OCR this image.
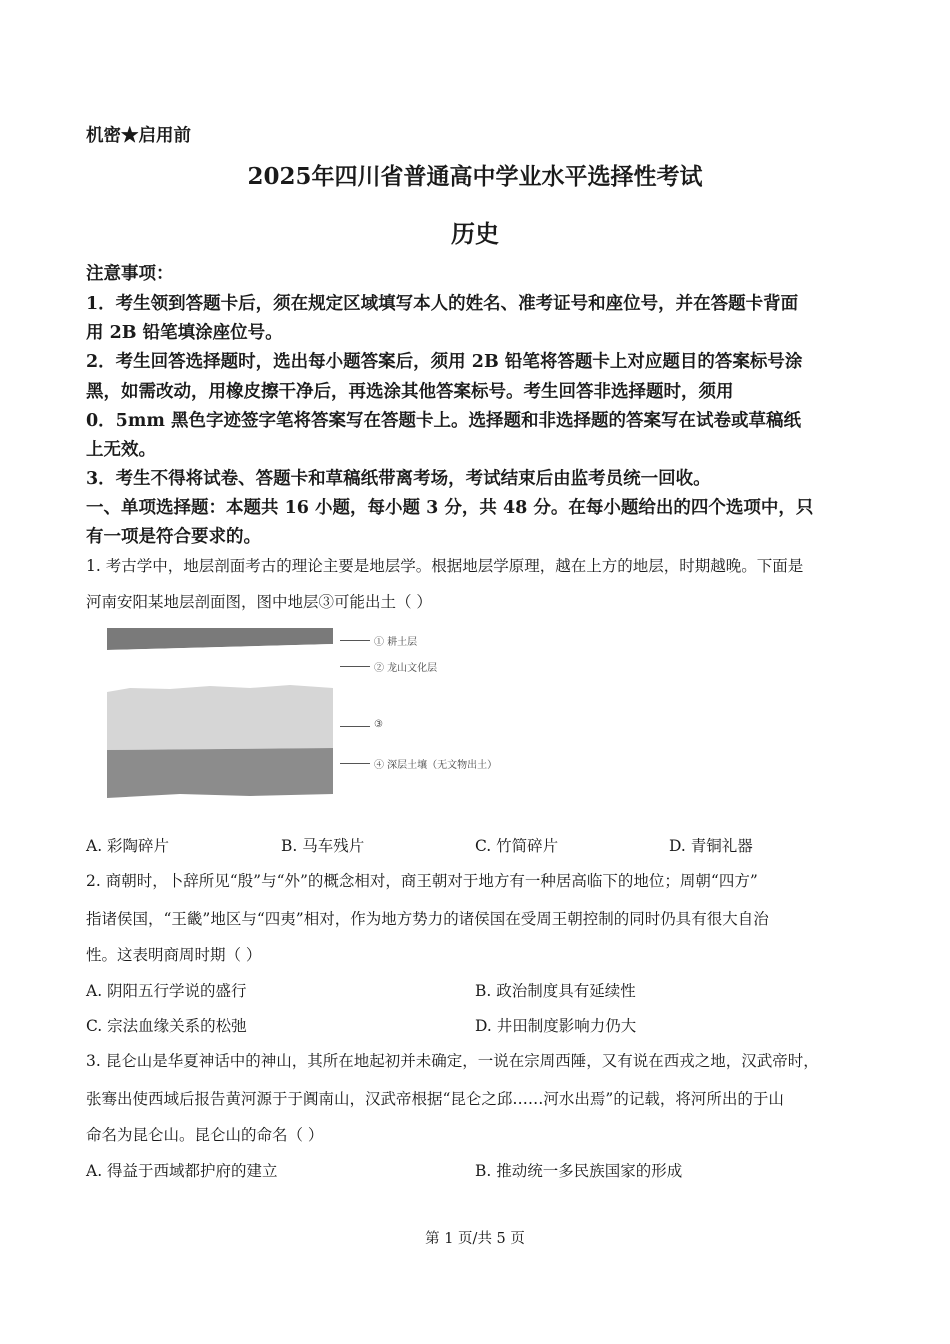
机密★启用前
2025年四川省普通高中学业水平选择性考试
历史
注意事项：
1．考生领到答题卡后，须在规定区域填写本人的姓名、准考证号和座位号，并在答题卡背面
用 2B 铅笔填涂座位号。
2．考生回答选择题时，选出每小题答案后，须用 2B 铅笔将答题卡上对应题目的答案标号涂
黑，如需改动，用橡皮擦干净后，再选涂其他答案标号。考生回答非选择题时，须用
0．5mm 黑色字迹签字笔将答案写在答题卡上。选择题和非选择题的答案写在试卷或草稿纸
上无效。
3．考生不得将试卷、答题卡和草稿纸带离考场，考试结束后由监考员统一回收。
一、单项选择题：本题共 16 小题，每小题 3 分，共 48 分。在每小题给出的四个选项中，只
有一项是符合要求的。
1. 考古学中，地层剖面考古的理论主要是地层学。根据地层学原理，越在上方的地层，时期越晚。下面是
河南安阳某地层剖面图，图中地层③可能出土（ ）
① 耕土层
② 龙山文化层
③
④ 深层土壤（无文物出土）
A. 彩陶碎片	B. 马车残片	C. 竹简碎片	D. 青铜礼器
2. 商朝时，卜辞所见“殷”与“外”的概念相对，商王朝对于地方有一种居高临下的地位；周朝“四方”
指诸侯国，“王畿”地区与“四夷”相对，作为地方势力的诸侯国在受周王朝控制的同时仍具有很大自治
性。这表明商周时期（ ）
A. 阴阳五行学说的盛行	B. 政治制度具有延续性
C. 宗法血缘关系的松弛	D. 井田制度影响力仍大
3. 昆仑山是华夏神话中的神山，其所在地起初并未确定，一说在宗周西陲，又有说在西戎之地，汉武帝时，
张骞出使西域后报告黄河源于于阗南山，汉武帝根据“昆仑之邱……河水出焉”的记载，将河所出的于山
命名为昆仑山。昆仑山的命名（ ）
A. 得益于西域都护府的建立	B. 推动统一多民族国家的形成
第 1 页/共 5 页
